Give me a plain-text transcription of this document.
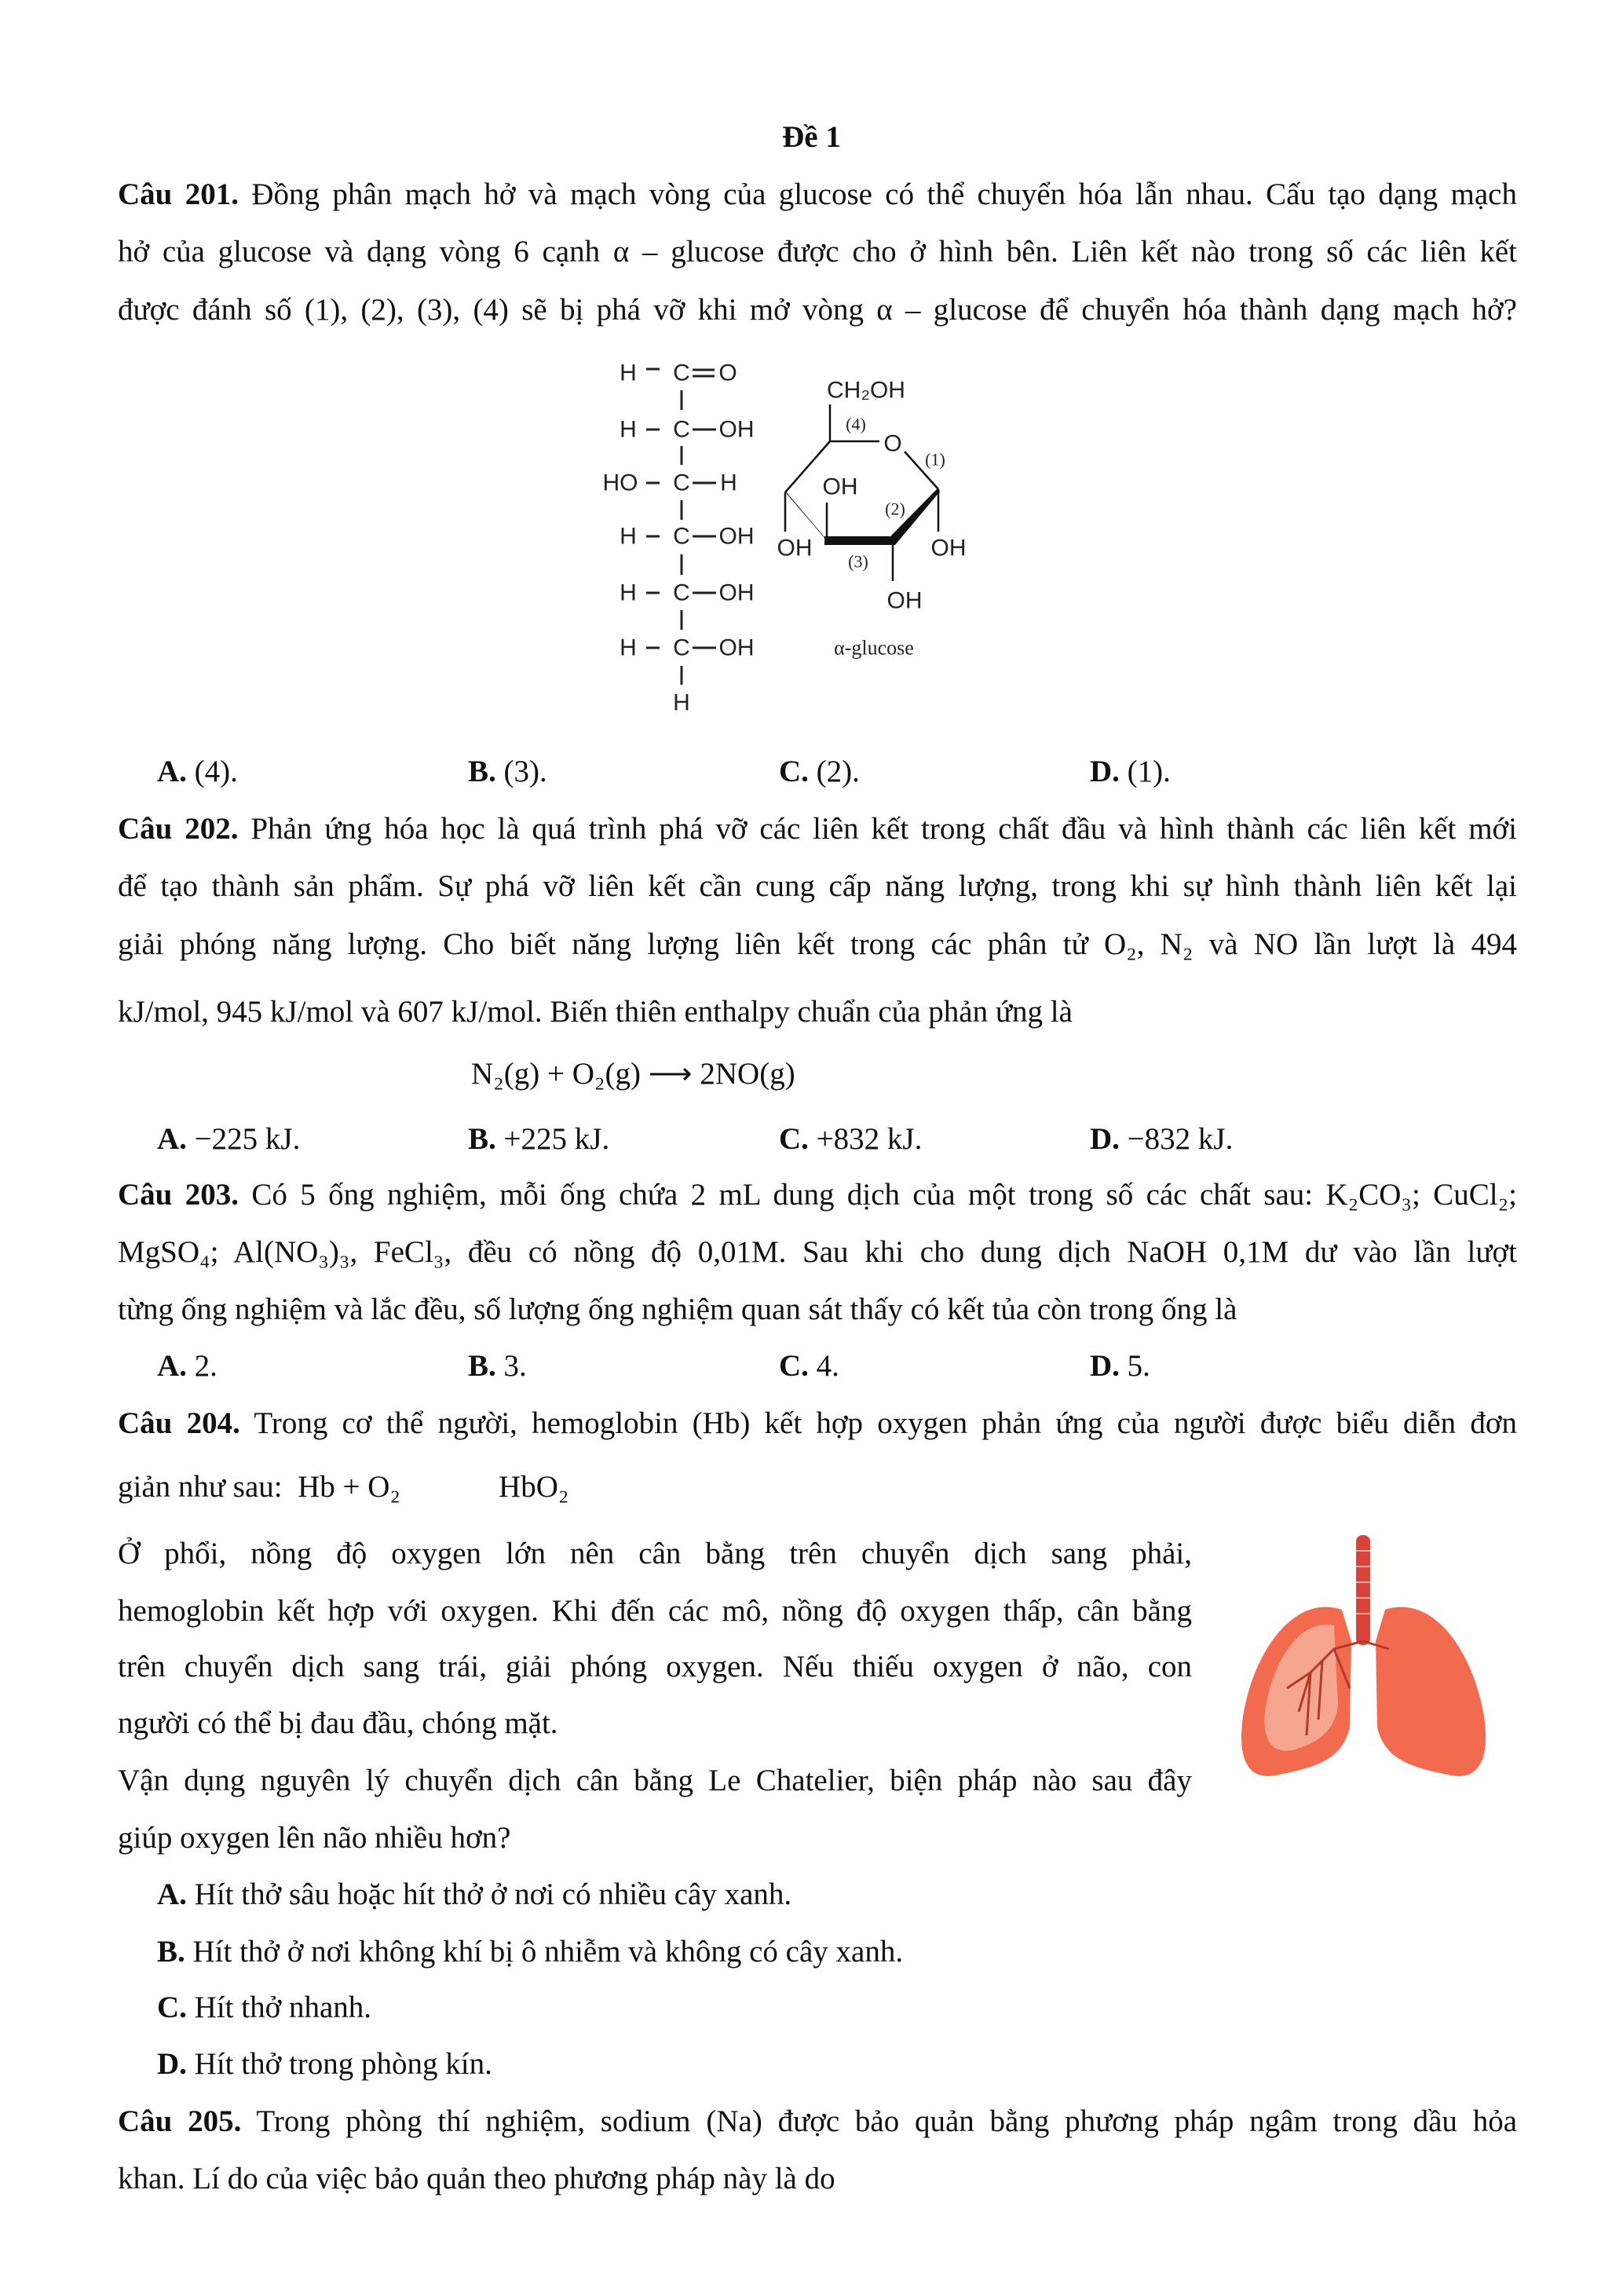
Đề 1
Câu 201. Đồng phân mạch hở và mạch vòng của glucose có thể chuyển hóa lẫn nhau. Cấu tạo dạng mạch
hở của glucose và dạng vòng 6 cạnh α – glucose được cho ở hình bên. Liên kết nào trong số các liên kết
được đánh số (1), (2), (3), (4) sẽ bị phá vỡ khi mở vòng α – glucose để chuyển hóa thành dạng mạch hở?
H C O
H C OH
HO C H
H C OH
H C OH
H C OH
H
CH₂OH
O
OH
OH
OH
OH
(1)
(2)
(3)
(4)
α-glucose
A. (4).	B. (3).	C. (2).	D. (1).
Câu 202. Phản ứng hóa học là quá trình phá vỡ các liên kết trong chất đầu và hình thành các liên kết mới
để tạo thành sản phẩm. Sự phá vỡ liên kết cần cung cấp năng lượng, trong khi sự hình thành liên kết lại
giải phóng năng lượng. Cho biết năng lượng liên kết trong các phân tử O₂, N₂ và NO lần lượt là 494
kJ/mol, 945 kJ/mol và 607 kJ/mol. Biến thiên enthalpy chuẩn của phản ứng là
N₂(g) + O₂(g) ⟶ 2NO(g)
A. −225 kJ.	B. +225 kJ.	C. +832 kJ.	D. −832 kJ.
Câu 203. Có 5 ống nghiệm, mỗi ống chứa 2 mL dung dịch của một trong số các chất sau: K₂CO₃; CuCl₂;
MgSO₄; Al(NO₃)₃, FeCl₃, đều có nồng độ 0,01M. Sau khi cho dung dịch NaOH 0,1M dư vào lần lượt
từng ống nghiệm và lắc đều, số lượng ống nghiệm quan sát thấy có kết tủa còn trong ống là
A. 2.	B. 3.	C. 4.	D. 5.
Câu 204. Trong cơ thể người, hemoglobin (Hb) kết hợp oxygen phản ứng của người được biểu diễn đơn
giản như sau: Hb + O₂	HbO₂
Ở phổi, nồng độ oxygen lớn nên cân bằng trên chuyển dịch sang phải,
hemoglobin kết hợp với oxygen. Khi đến các mô, nồng độ oxygen thấp, cân bằng
trên chuyển dịch sang trái, giải phóng oxygen. Nếu thiếu oxygen ở não, con
người có thể bị đau đầu, chóng mặt.
Vận dụng nguyên lý chuyển dịch cân bằng Le Chatelier, biện pháp nào sau đây
giúp oxygen lên não nhiều hơn?
A. Hít thở sâu hoặc hít thở ở nơi có nhiều cây xanh.
B. Hít thở ở nơi không khí bị ô nhiễm và không có cây xanh.
C. Hít thở nhanh.
D. Hít thở trong phòng kín.
Câu 205. Trong phòng thí nghiệm, sodium (Na) được bảo quản bằng phương pháp ngâm trong dầu hỏa
khan. Lí do của việc bảo quản theo phương pháp này là do
